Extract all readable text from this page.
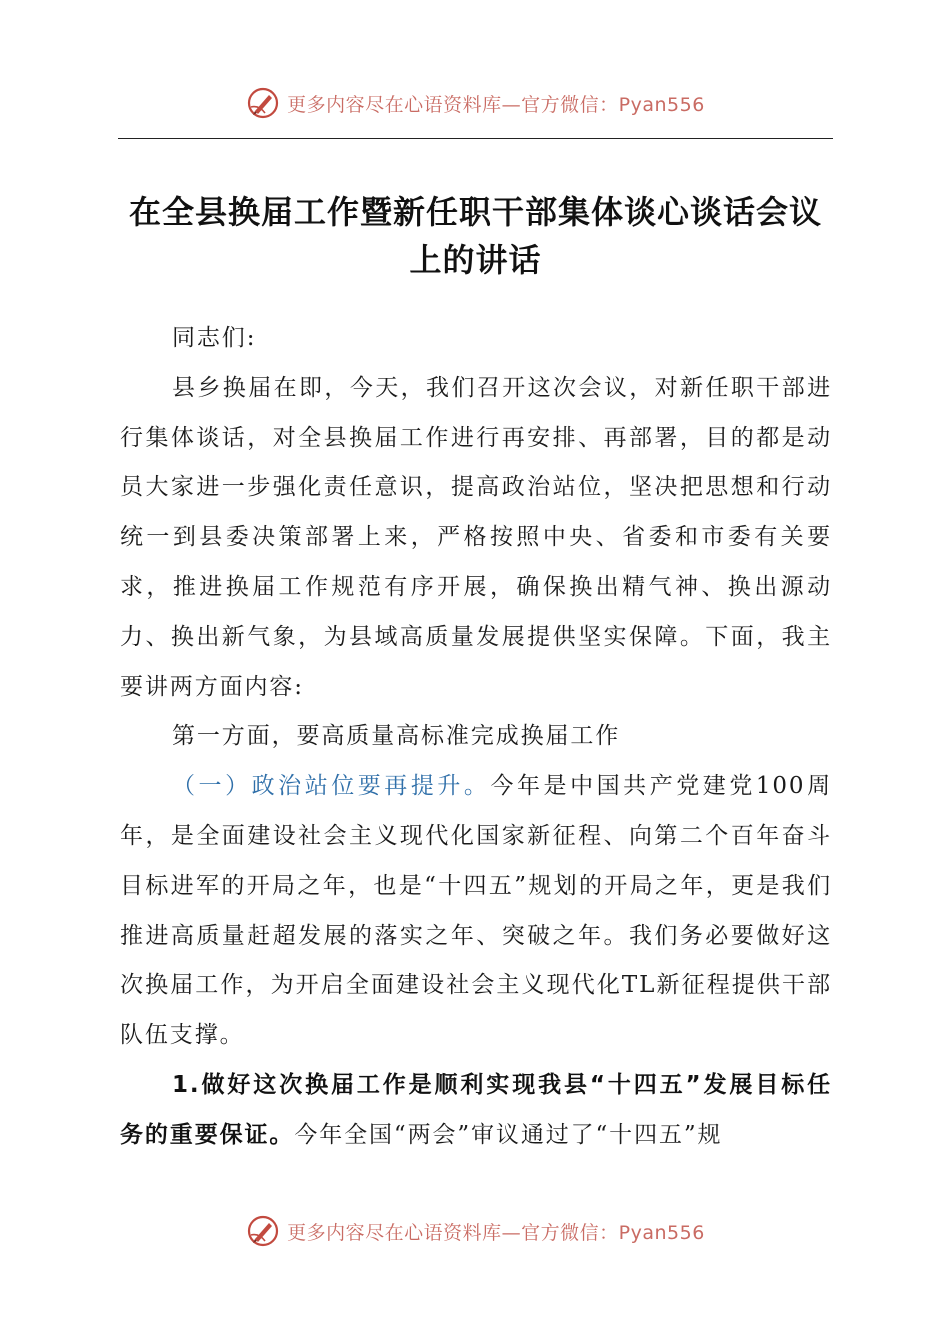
更多内容尽在心语资料库—官方微信：Pyan556
在全县换届工作暨新任职干部集体谈心谈话会议上的讲话

同志们:

县乡换届在即，今天，我们召开这次会议，对新任职干部进行集体谈话，对全县换届工作进行再安排、再部署，目的都是动员大家进一步强化责任意识，提高政治站位，坚决把思想和行动统一到县委决策部署上来，严格按照中央、省委和市委有关要求，推进换届工作规范有序开展，确保换出精气神、换出源动力、换出新气象，为县域高质量发展提供坚实保障。下面，我主要讲两方面内容:

第一方面，要高质量高标准完成换届工作

（一）政治站位要再提升。今年是中国共产党建党100周年，是全面建设社会主义现代化国家新征程、向第二个百年奋斗目标进军的开局之年，也是“十四五”规划的开局之年，更是我们推进高质量赶超发展的落实之年、突破之年。我们务必要做好这次换届工作，为开启全面建设社会主义现代化TL新征程提供干部队伍支撑。

1.做好这次换届工作是顺利实现我县“十四五”发展目标任务的重要保证。今年全国“两会”审议通过了“十四五”规

更多内容尽在心语资料库—官方微信：Pyan556
